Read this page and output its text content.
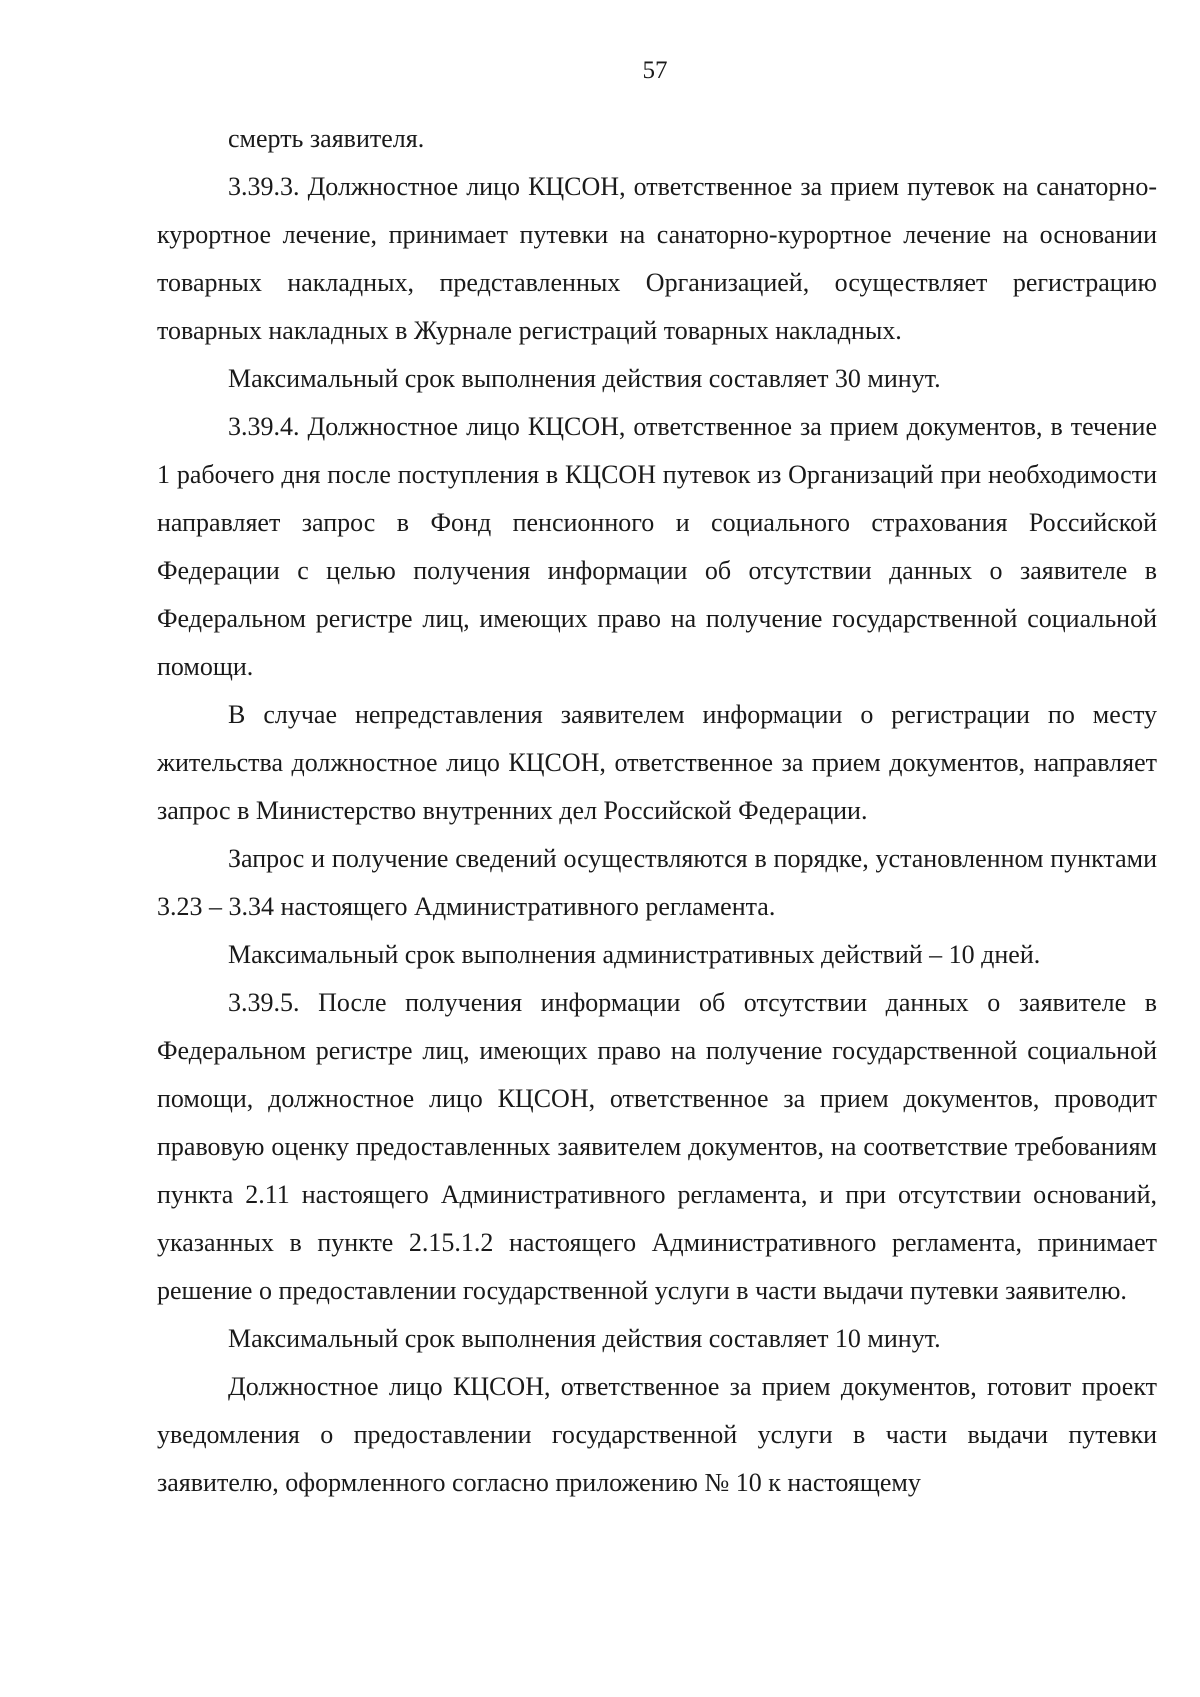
57

смерть заявителя.

3.39.3. Должностное лицо КЦСОН, ответственное за прием путевок на санаторно-курортное лечение, принимает путевки на санаторно-курортное лечение на основании товарных накладных, представленных Организацией, осуществляет регистрацию товарных накладных в Журнале регистраций товарных накладных.

Максимальный срок выполнения действия составляет 30 минут.

3.39.4. Должностное лицо КЦСОН, ответственное за прием документов, в течение 1 рабочего дня после поступления в КЦСОН путевок из Организаций при необходимости направляет запрос в Фонд пенсионного и социального страхования Российской Федерации с целью получения информации об отсутствии данных о заявителе в Федеральном регистре лиц, имеющих право на получение государственной социальной помощи.

В случае непредставления заявителем информации о регистрации по месту жительства должностное лицо КЦСОН, ответственное за прием документов, направляет запрос в Министерство внутренних дел Российской Федерации.

Запрос и получение сведений осуществляются в порядке, установленном пунктами 3.23 – 3.34 настоящего Административного регламента.

Максимальный срок выполнения административных действий – 10 дней.

3.39.5. После получения информации об отсутствии данных о заявителе в Федеральном регистре лиц, имеющих право на получение государственной социальной помощи, должностное лицо КЦСОН, ответственное за прием документов, проводит правовую оценку предоставленных заявителем документов, на соответствие требованиям пункта 2.11 настоящего Административного регламента, и при отсутствии оснований, указанных в пункте 2.15.1.2 настоящего Административного регламента, принимает решение о предоставлении государственной услуги в части выдачи путевки заявителю.

Максимальный срок выполнения действия составляет 10 минут.

Должностное лицо КЦСОН, ответственное за прием документов, готовит проект уведомления о предоставлении государственной услуги в части выдачи путевки заявителю, оформленного согласно приложению № 10 к настоящему
